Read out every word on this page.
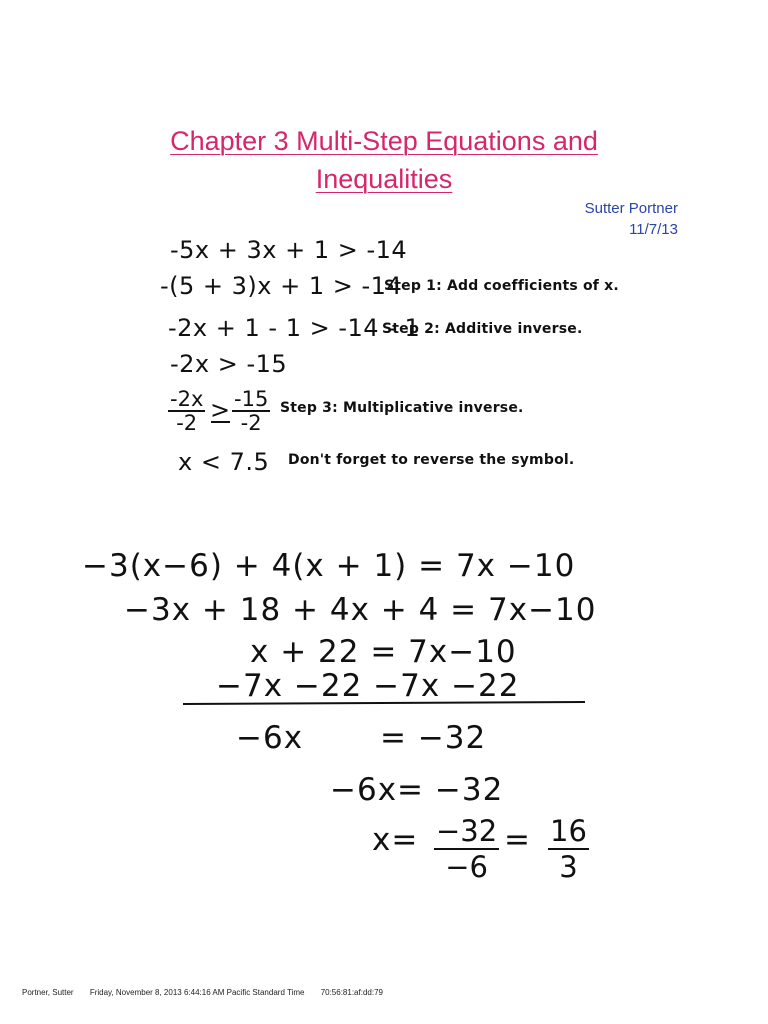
Chapter 3 Multi-Step Equations and
Inequalities
Sutter Portner
11/7/13
-5x + 3x + 1 > -14
-(5 + 3)x + 1 > -14
Step 1: Add coefficients of x.
-2x + 1 - 1 > -14 - 1
Step 2: Additive inverse.
-2x > -15
$\frac{-2x}{-2} > \frac{-15}{-2}$ Step 3: Multiplicative inverse.
x < 7.5 Don't forget to reverse the symbol.
−3(x−6) + 4(x + 1) = 7x −10
−3x + 18 + 4x + 4 = 7x−10
x + 22 = 7x−10
−7x −22 −7x −22
−6x = −32
−6x= −32
$x= \frac{-32}{-6} = \frac{16}{3}$
Portner, Sutter Friday, November 8, 2013 6:44:16 AM Pacific Standard Time 70:56:81:af:dd:79
